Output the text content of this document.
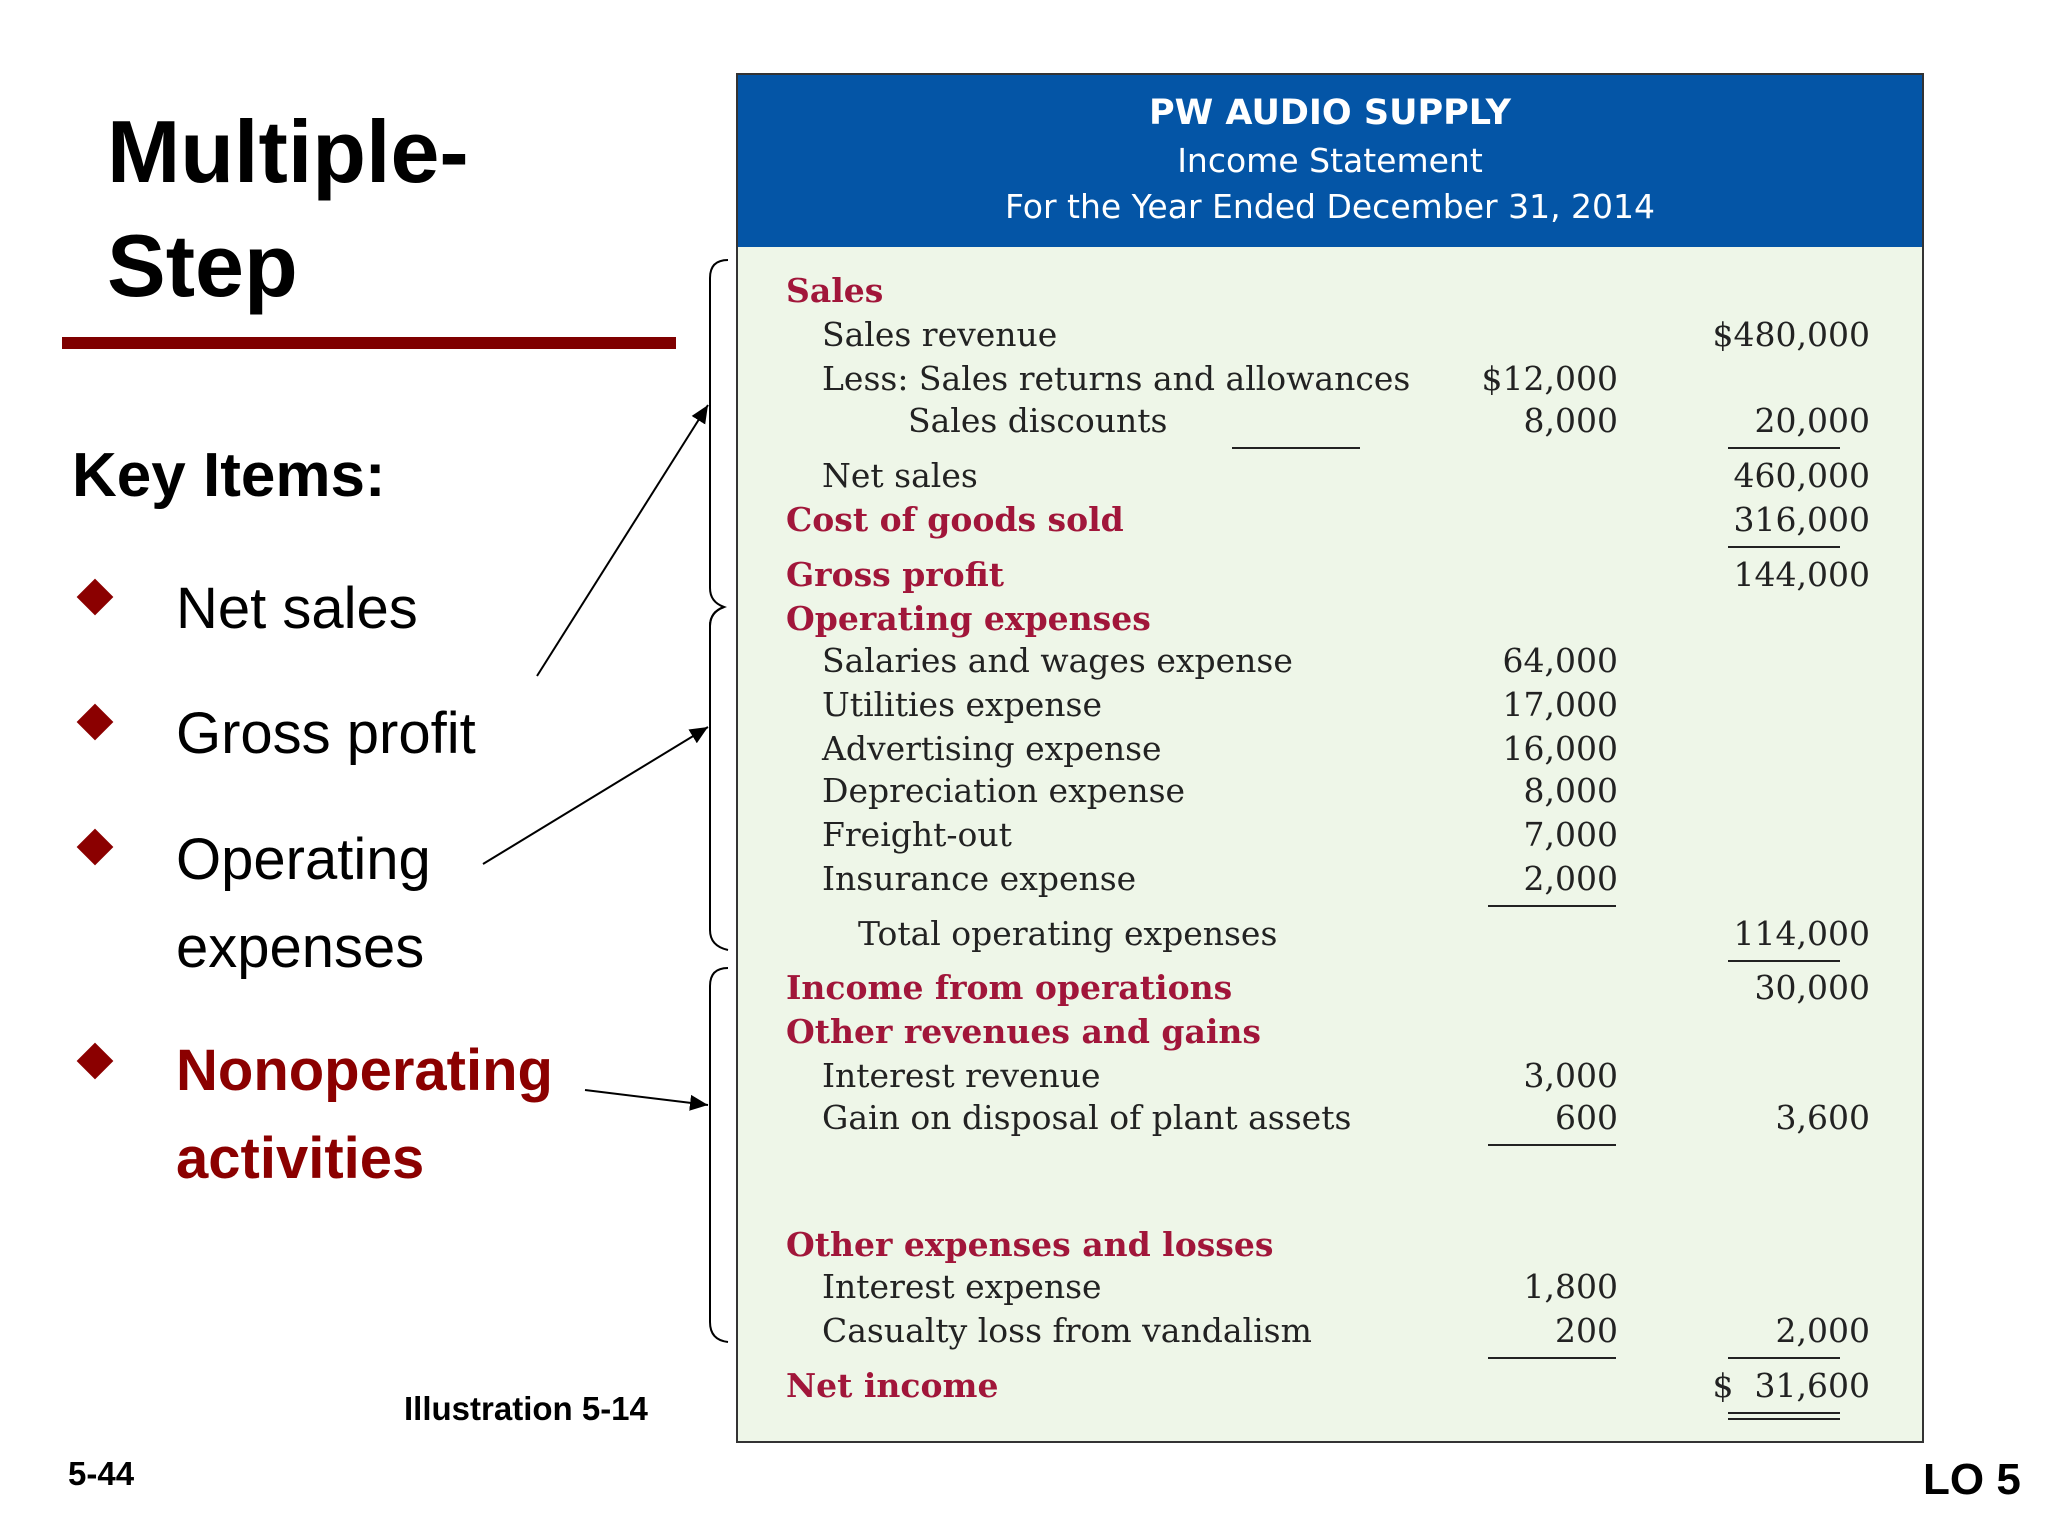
Multiple-
Step
Key Items:
Net sales
Gross profit
Operating
expenses
Nonoperating
activities
Illustration 5-14
5-44	LO 5
PW AUDIO SUPPLY
Income Statement
For the Year Ended December 31, 2014
Sales
Sales revenue	$480,000
Less: Sales returns and allowances $12,000
Sales discounts	8,000	20,000
Net sales	460,000
Cost of goods sold	316,000
Gross profit	144,000
Operating expenses
Salaries and wages expense	64,000
Utilities expense	17,000
Advertising expense	16,000
Depreciation expense	8,000
Freight-out	7,000
Insurance expense	2,000
Total operating expenses	114,000
Income from operations	30,000
Other revenues and gains
Interest revenue	3,000
Gain on disposal of plant assets	600	3,600
Other expenses and losses
Interest expense	1,800
Casualty loss from vandalism	200	2,000
Net income	$  31,600
